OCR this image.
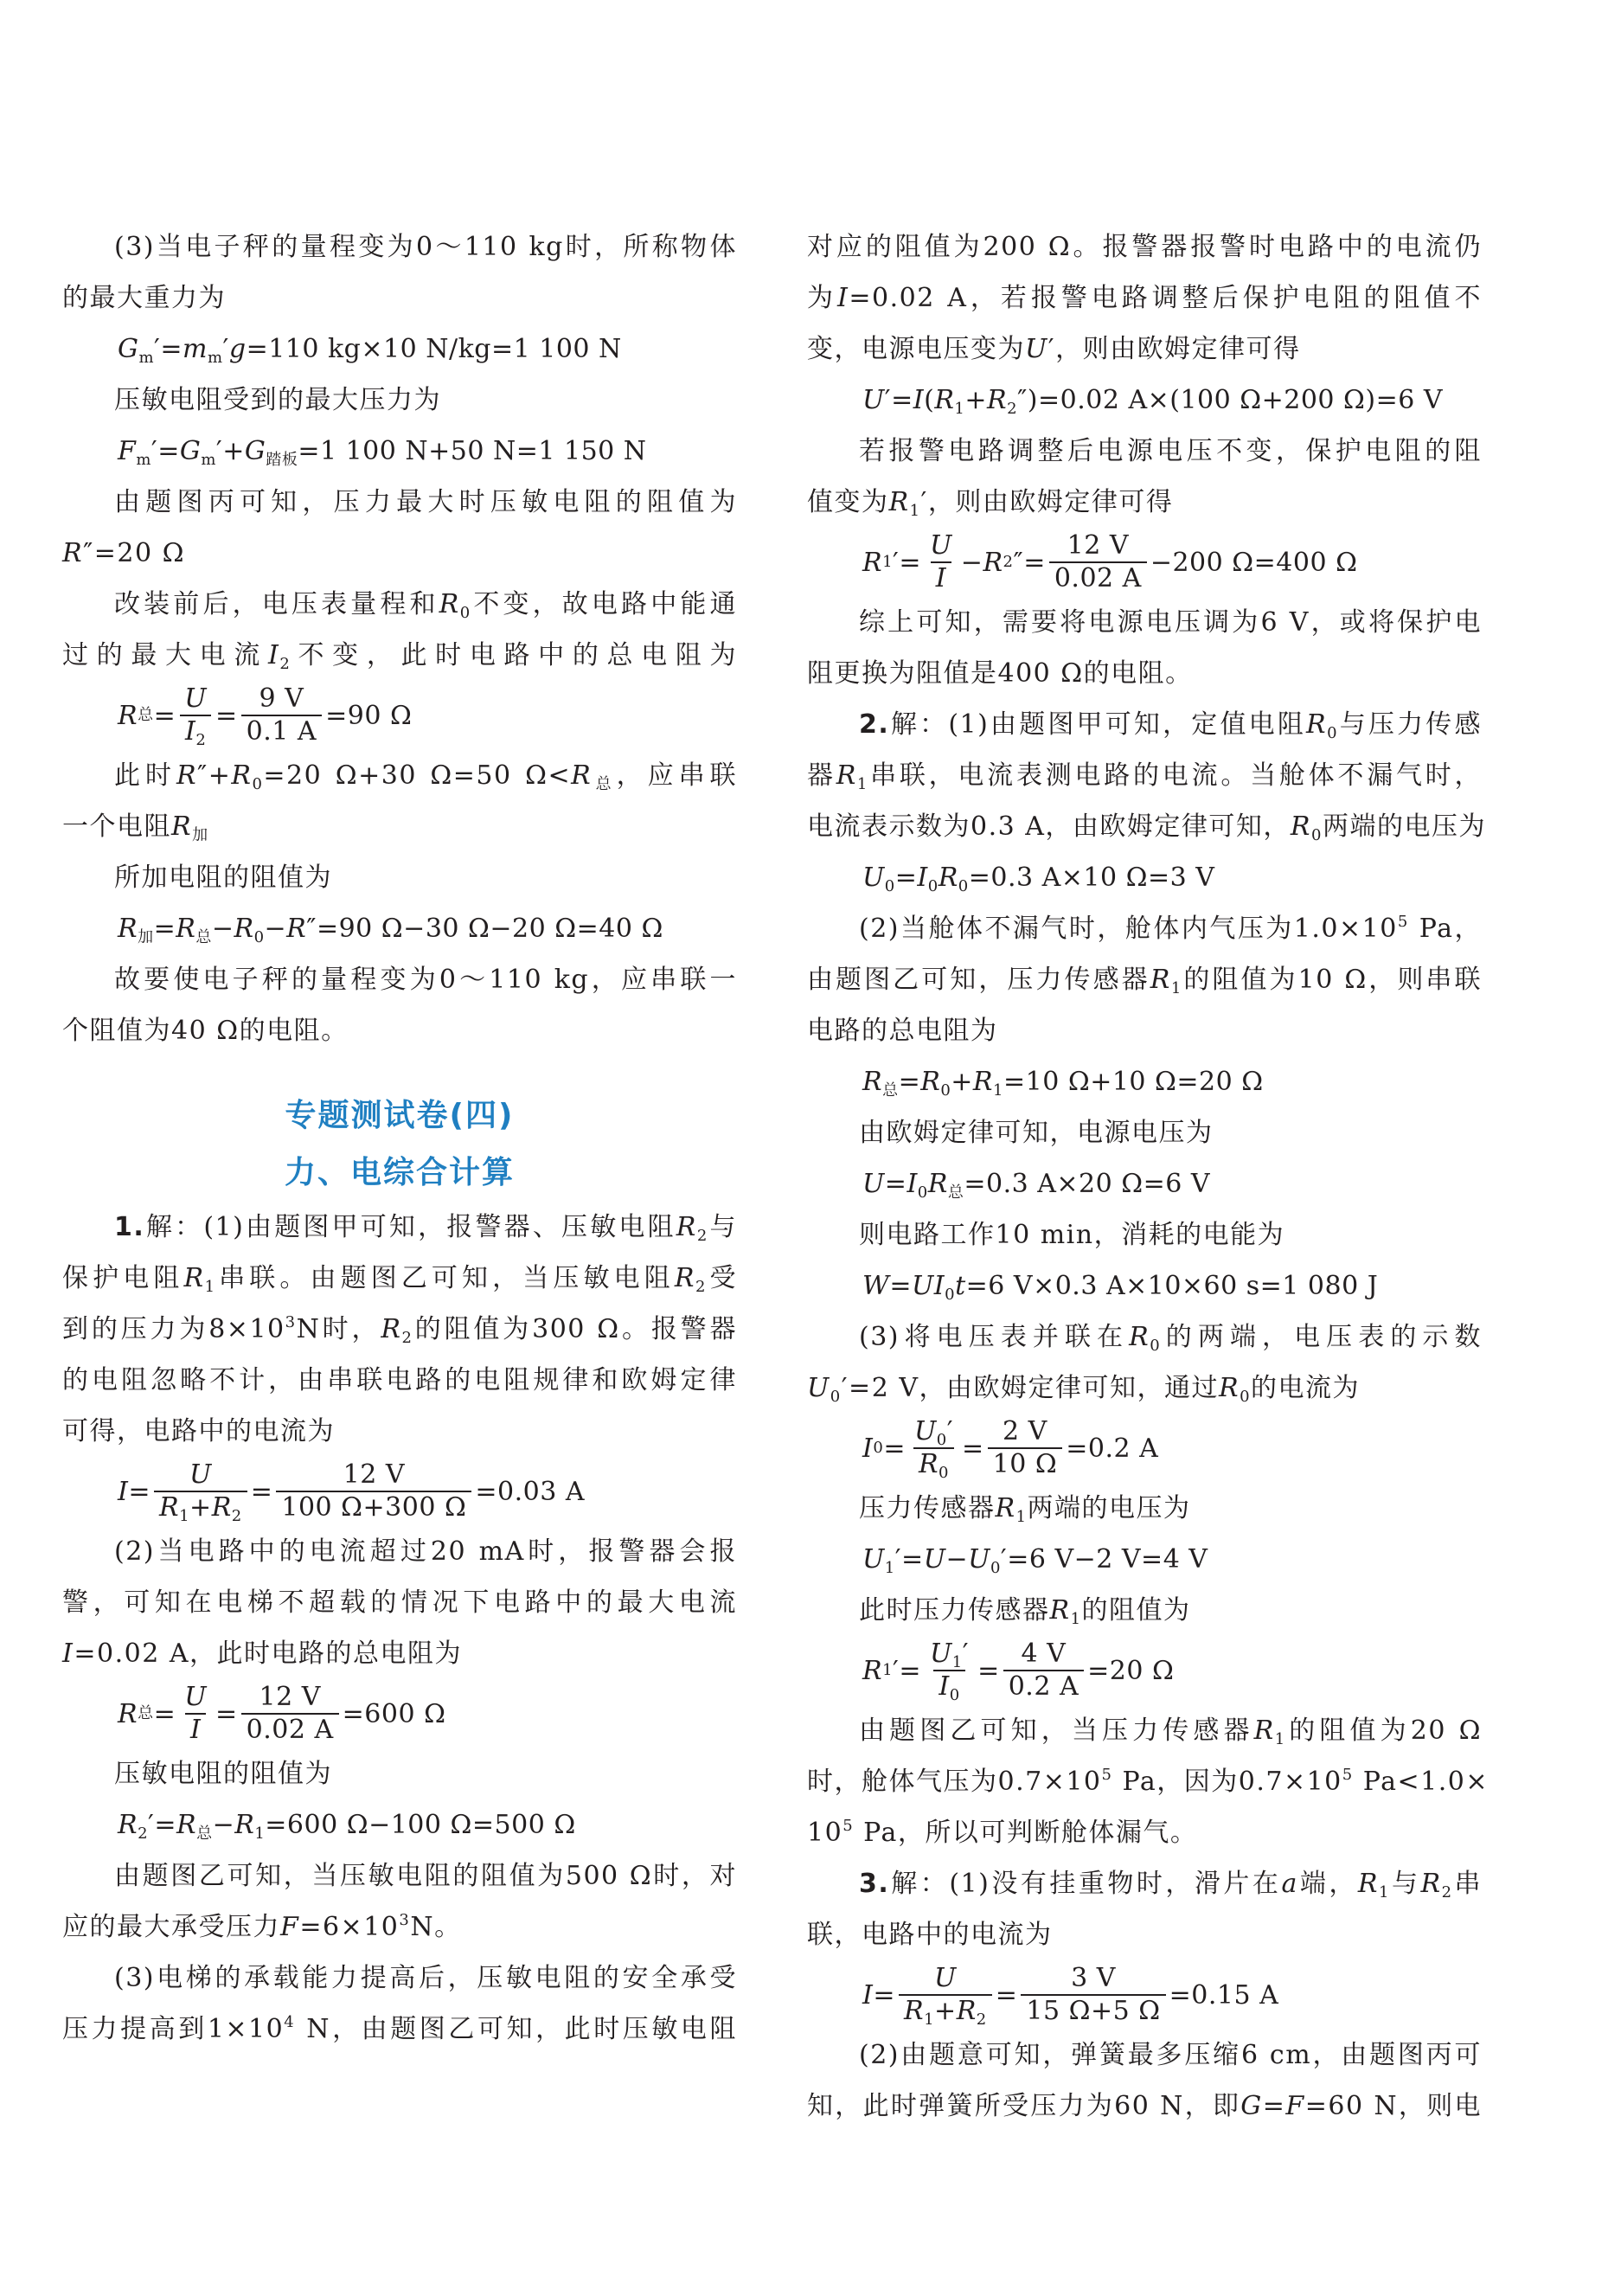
(3)当电子秤的量程变为0～110 kg时，所称物体

的最大重力为

$G_m'=m_m'g=110$ kg×10 N/kg=1 100 N

压敏电阻受到的最大压力为

$F_m'=G_m'+G_{踏板}=1$ 100 N+50 N=1 150 N

由题图丙可知，压力最大时压敏电阻的阻值为

R″=20 Ω

改装前后，电压表量程和$R_0$不变，故电路中能通

过的最大电流$I_2$不变，此时电路中的总电阻为

R 总 = $\frac{U}{I_2} = \frac{9 V}{0.1 A} =90$ Ω

此时$R''+R_0=20$ Ω+30 Ω=50 $\Omega<R_总$，应串联

一个电阻$R_加$

所加电阻的阻值为

$R_加=R_总-R_0-R''=90$ Ω−30 Ω−20 Ω=40 Ω

故要使电子秤的量程变为0～110 kg，应串联一

个阻值为40 Ω的电阻。

专题测试卷(四)

力、电综合计算

1.解：(1)由题图甲可知，报警器、压敏电阻$R_2$与

保护电阻$R_1$串联。由题图乙可知，当压敏电阻$R_2$受

到的压力为$8\times 10^3N$时，$R_2$的阻值为300 Ω。报警器

的电阻忽略不计，由串联电路的电阻规律和欧姆定律

可得，电路中的电流为

$I = \frac{U}{R_1+R_2} = \frac{12 V}{100 \Omega+300 \Omega} =0.03$ A

(2)当电路中的电流超过20 mA时，报警器会报

警，可知在电梯不超载的情况下电路中的最大电流

I=0.02 A，此时电路的总电阻为

R 总 = $\frac{U}{I} = \frac{12 V}{0.02 A} =600$ Ω

压敏电阻的阻值为

$R_2'=R_总-R_1=600$ Ω−100 Ω=500 Ω

由题图乙可知，当压敏电阻的阻值为500 Ω时，对

应的最大承受压力$F=6\times 10^3N$。

(3)电梯的承载能力提高后，压敏电阻的安全承受

压力提高到$1\times 10^4$ N，由题图乙可知，此时压敏电阻

对应的阻值为200 Ω。报警器报警时电路中的电流仍

为I=0.02 A，若报警电路调整后保护电阻的阻值不

变，电源电压变为U′，则由欧姆定律可得

$U'=I(R_1+R_2'')=0.02$ A×(100 Ω+200 Ω)=6 V

若报警电路调整后电源电压不变，保护电阻的阻

值变为$R_1'$，则由欧姆定律可得

R 1 ′= $\frac{U}{I} - R$ 2 ″= $\frac{12 V}{0.02 A} -200$ Ω=400 Ω

综上可知，需要将电源电压调为6 V，或将保护电

阻更换为阻值是400 Ω的电阻。

2.解：(1)由题图甲可知，定值电阻$R_0$与压力传感

器$R_1$串联，电流表测电路的电流。当舱体不漏气时，

电流表示数为0.3 A，由欧姆定律可知，$R_0$两端的电压为

$U_0=I_0R_0=0.3$ A×10 Ω=3 V

(2)当舱体不漏气时，舱体内气压为$1.0\times 10^5$ Pa，

由题图乙可知，压力传感器$R_1$的阻值为10 Ω，则串联

电路的总电阻为

$R_总=R_0+R_1=10$ Ω+10 Ω=20 Ω

由欧姆定律可知，电源电压为

$U=I_0R_总=0.3$ A×20 Ω=6 V

则电路工作10 min，消耗的电能为

$W=UI_0t=6$ V×0.3 A×10×60 s=1 080 J

(3)将电压表并联在$R_0$的两端，电压表的示数

$U_0'=2$ V，由欧姆定律可知，通过$R_0$的电流为

I $0 = \frac{U_0'}{R_0} = \frac{2 V}{10 \Omega} =0.2$ A

压力传感器$R_1$两端的电压为

$U_1'=U-U_0'=6$ V−2 V=4 V

此时压力传感器$R_1$的阻值为

R 1 ′= $\frac{U_1'}{I_0} = \frac{4 V}{0.2 A} =20$ Ω

由题图乙可知，当压力传感器$R_1$的阻值为20 Ω

时，舱体气压为$0.7\times 10^5$ Pa，因为$0.7\times 10^5$ Pa<1.0×

$10^5$ Pa，所以可判断舱体漏气。

3.解：(1)没有挂重物时，滑片在a端，$R_1$与$R_2$串

联，电路中的电流为

$I = \frac{U}{R_1+R_2} = \frac{3 V}{15 \Omega+5 \Omega} =0.15$ A

(2)由题意可知，弹簧最多压缩6 cm，由题图丙可

知，此时弹簧所受压力为60 N，即G=F=60 N，则电
